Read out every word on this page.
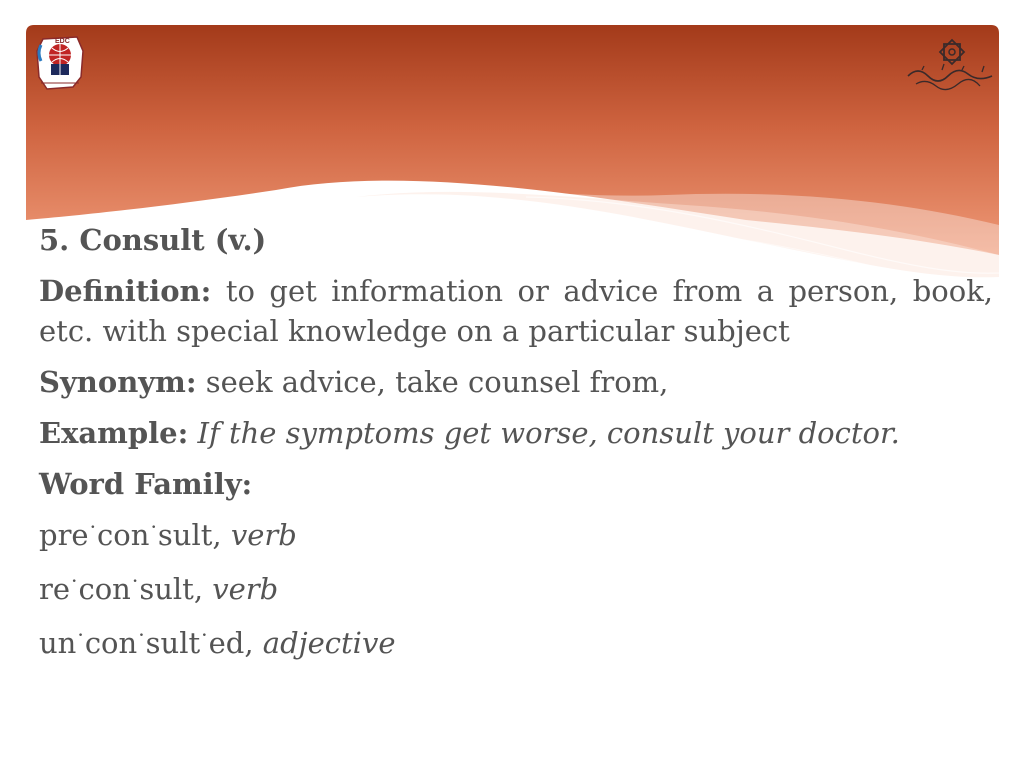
EDC

5. Consult (v.)

Definition: to get information or advice from a person, book, etc. with special knowledge on a particular subject

Synonym: seek advice, take counsel from,

Example: If the symptoms get worse, consult your doctor.

Word Family:

pre·con·sult, verb

re·con·sult, verb

un·con·sult·ed, adjective
